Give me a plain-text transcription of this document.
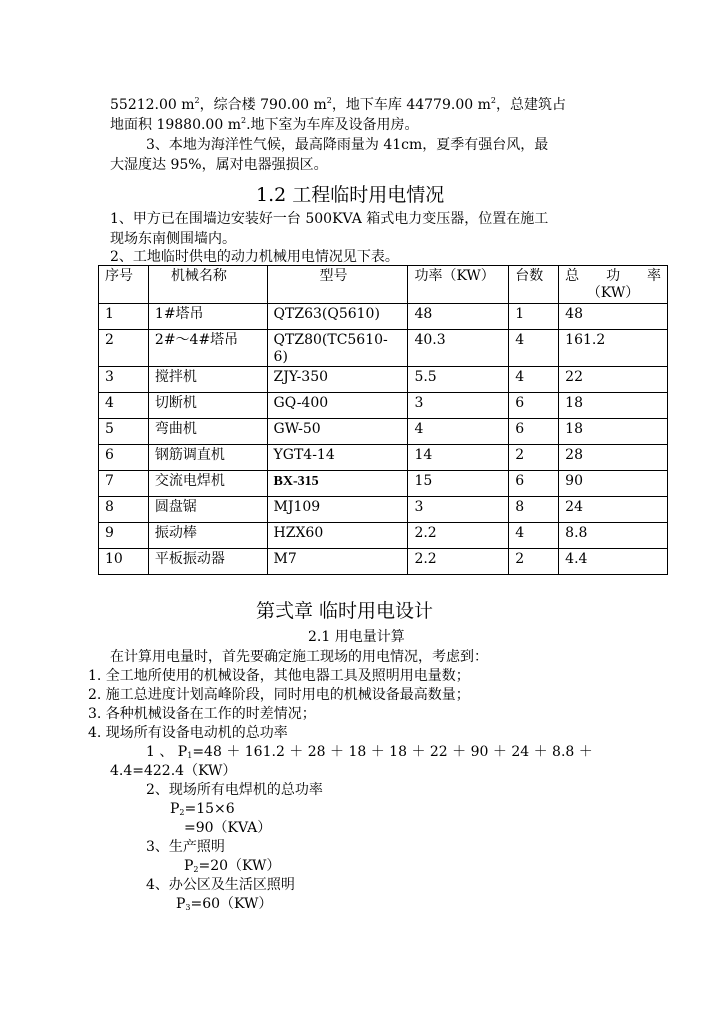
55212.00 $m^2$，综合楼 790.00 $m^2$，地下车库 44779.00 $m^2$，总建筑占
地面积 19880.00 $m^2$.地下室为车库及设备用房。
3、本地为海洋性气候，最高降雨量为 41cm，夏季有强台风，最
大湿度达 95%，属对电器强损区。
1.2 工程临时用电情况
1、甲方已在围墙边安装好一台 500KVA 箱式电力变压器，位置在施工
现场东南侧围墙内。
2、工地临时供电的动力机械用电情况见下表。
序号	机械名称	型号	功率（KW）	台数	总 功 率
（KW）

1	1#塔吊	QTZ63(Q5610)	48	1	48
2	2#～4#塔吊	QTZ80(TC5610-6)	40.3	4	161.2
3	搅拌机	ZJY-350	5.5	4	22
4	切断机	GQ-400	3	6	18
5	弯曲机	GW-50	4	6	18
6	钢筋调直机	YGT4-14	14	2	28
7	交流电焊机	BX-315	15	6	90
8	圆盘锯	MJ109	3	8	24
9	振动棒	HZX60	2.2	4	8.8
10	平板振动器	M7	2.2	2	4.4
第弍章 临时用电设计
2.1 用电量计算
在计算用电量时，首先要确定施工现场的用电情况，考虑到：
1. 全工地所使用的机械设备，其他电器工具及照明用电量数；
2. 施工总进度计划高峰阶段，同时用电的机械设备最高数量；
3. 各种机械设备在工作的时差情况；
4. 现场所有设备电动机的总功率
1 、 $P_1=48 + 161.2 + 28 + 18 + 18 + 22 + 90 + 24 + 8.8$ ＋
4.4=422.4（KW）
2、现场所有电焊机的总功率
$P_2=15\times 6$
=90（KVA）
3、生产照明
$P_2=20(KW)$
4、办公区及生活区照明
$P_3=60(KW)$
